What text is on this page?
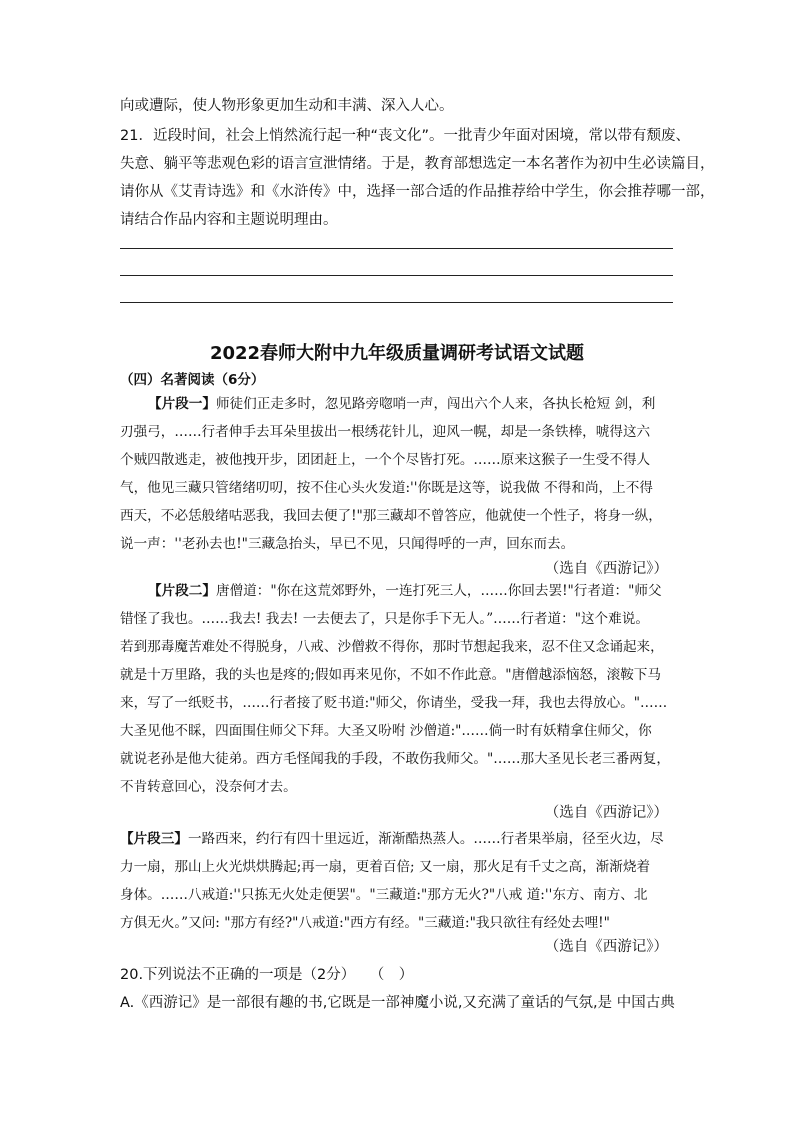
向或遭际，使人物形象更加生动和丰满、深入人心。
21．近段时间，社会上悄然流行起一种“丧文化”。一批青少年面对困境，常以带有颓废、
失意、躺平等悲观色彩的语言宣泄情绪。于是，教育部想选定一本名著作为初中生必读篇目，
请你从《艾青诗选》和《水浒传》中，选择一部合适的作品推荐给中学生，你会推荐哪一部，
请结合作品内容和主题说明理由。
2022春师大附中九年级质量调研考试语文试题
（四）名著阅读（6分）
【片段一】师徒们正走多时，忽见路旁唿哨一声，闯出六个人来，各执长枪短 剑，利
刃强弓，……行者伸手去耳朵里拔出一根绣花针儿，迎风一幌，却是一条铁棒，唬得这六
个贼四散逃走，被他拽开步，团团赶上，一个个尽皆打死。……原来这猴子一生受不得人
气，他见三藏只管绪绪叨叨，按不住心头火发道:''你既是这等，说我做 不得和尚，上不得
西天，不必恁般绪咕恶我，我回去便了!"那三藏却不曾答应，他就使一个性子，将身一纵，
说一声：''老孙去也!"三藏急抬头，早已不见，只闻得呼的一声，回东而去。
（选自《西游记》）
【片段二】唐僧道："你在这荒郊野外，一连打死三人，……你回去罢!"行者道："师父
错怪了我也。……我去! 我去! 一去便去了，只是你手下无人。”……行者道："这个难说。
若到那毒魔苦难处不得脱身，八戒、沙僧救不得你，那时节想起我来，忍不住又念诵起来，
就是十万里路，我的头也是疼的;假如再来见你，不如不作此意。"唐僧越添恼怒，滚鞍下马
来，写了一纸贬书，……行者接了贬书道:"师父，你请坐，受我一拜，我也去得放心。"……
大圣见他不睬，四面围住师父下拜。大圣又吩咐 沙僧道:"……倘一时有妖精拿住师父，你
就说老孙是他大徒弟。西方毛怪闻我的手段，不敢伤我师父。"……那大圣见长老三番两复，
不肯转意回心，没奈何才去。
（选自《西游记》）
【片段三】一路西来，约行有四十里远近，渐渐酷热蒸人。……行者果举扇，径至火边，尽
力一扇，那山上火光烘烘腾起;再一扇，更着百倍; 又一扇，那火足有千丈之高，渐渐烧着
身体。……八戒道:''只拣无火处走便罢"。"三藏道:"那方无火?"八戒 道:''东方、南方、北
方俱无火。”又问: "那方有经?"八戒道:"西方有经。"三藏道:"我只欲往有经处去哩!"
（选自《西游记》）
20.下列说法不正确的一项是（2分）　　（　）
A.《西游记》是一部很有趣的书,它既是一部神魔小说,又充满了童话的气氛,是 中国古典
